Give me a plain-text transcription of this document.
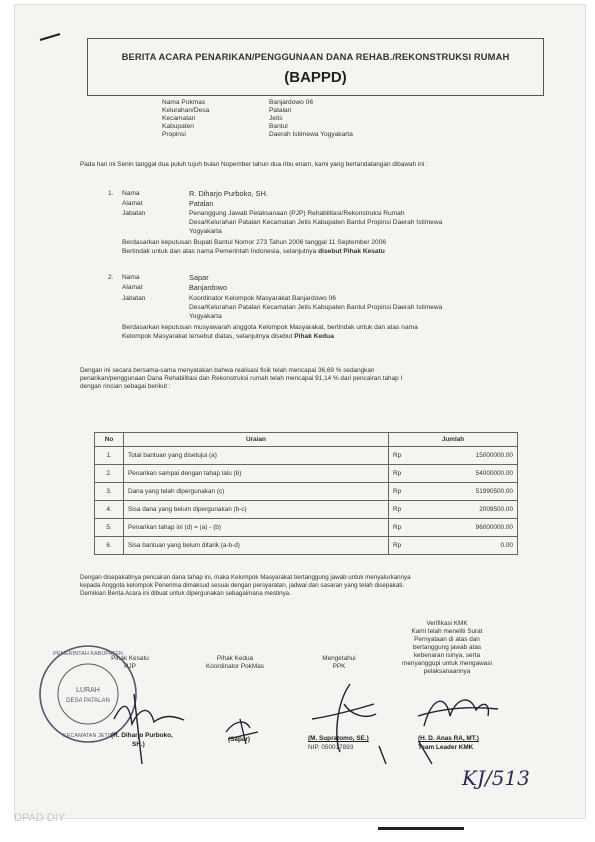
BERITA ACARA PENARIKAN/PENGGUNAAN DANA REHAB./REKONSTRUKSI RUMAH
(BAPPD)
Nama Pokmas	Banjardowo 06
Kelurahan/Desa	Patalan
Kecamatan	Jetis
Kabupaten	Bantul
Propinsi	Daerah Istimewa Yogyakarta
Pada hari ini Senin tanggal dua puluh tujuh bulan Nopember tahun dua ribu enam, kami yang bertandatangan dibawah ini :
1. Nama	R. Diharjo Purboko, SH.
Alamat	Patalan
Jabatan	Penanggung Jawab Pelaksanaan (PJP) Rehabilitasi/Rekonstruksi Rumah
Desa/Kelurahan Patalan Kecamatan Jetis Kabupaten Bantul Propinsi Daerah Istimewa
Yogyakarta
Berdasarkan keputusan Bupati Bantul Nomor 273 Tahun 2006 tanggal 11 September 2006
Bertindak untuk dan atas nama Pemerintah Indonesia, selanjutnya disebut Pihak Kesatu
2. Nama	Sapar
Alamat	Banjardowo
Jabatan	Koordinator Kelompok Masyarakat Banjardowo 06
Desa/Kelurahan Patalan Kecamatan Jetis Kabupaten Bantul Propinsi Daerah Istimewa
Yogyakarta
Berdasarkan keputusan musyawarah anggota Kelompok Masyarakat, bertindak untuk dan atas nama
Kelompok Masyarakat tersebut diatas, selanjutnya disebut Pihak Kedua
Dengan ini secara bersama-sama menyatakan bahwa realisasi fisik telah mencapai 36,69 % sedangkan
penarikan/penggunaan Dana Rehabilitasi dan Rekonstruksi rumah telah mencapai 91,14 % dari pencairan tahap I
dengan rincian sebagai berikut :
No	Uraian	Jumlah
1.	Total bantuan yang disetujui (a)	Rp 15000000.00
2.	Penarikan sampai dengan tahap lalu (b)	Rp 54000000.00
3.	Dana yang telah dipergunakan (c)	Rp 51990500.00
4.	Sisa dana yang belum dipergunakan (b-c)	Rp 2009500.00
5.	Penarikan tahap ini (d) = (a) - (b)	Rp 96000000.00
6.	Sisa bantuan yang belum ditarik (a-b-d)	Rp 0.00
Dengan disepakatinya pencairan dana tahap ini, maka Kelompok Masyarakat bertanggung jawab untuk menyalurkannya
kepada Anggota kelompok Penerima dimaksud sesuai dengan persyaratan, jadwal dan sasaran yang telah disepakati.
Demikian Berita Acara ini dibuat untuk dipergunakan sebagaimana mestinya.
Verifikasi KMK
Kami telah meneliti Surat
Pernyataan di atas dan
bertanggung jawab atas
kebenaran isinya, serta
menyanggupi untuk mengawasi
pelaksanaannya
Pihak Kesatu
PJP
Pihak Kedua
Koordinator PokMas
Mengetahui
PPK
PEMERINTAH KABUPATEN
LURAH
DESA PATALAN
KECAMATAN JETIS
(R. Diharjo Purboko,
SH.)
(Sapar)	(M. Supratomo, SE.)
NIP. 050017893
(H. D. Anas RA, MT.)
Team Leader KMK
KJ/513
DPAD DIY
